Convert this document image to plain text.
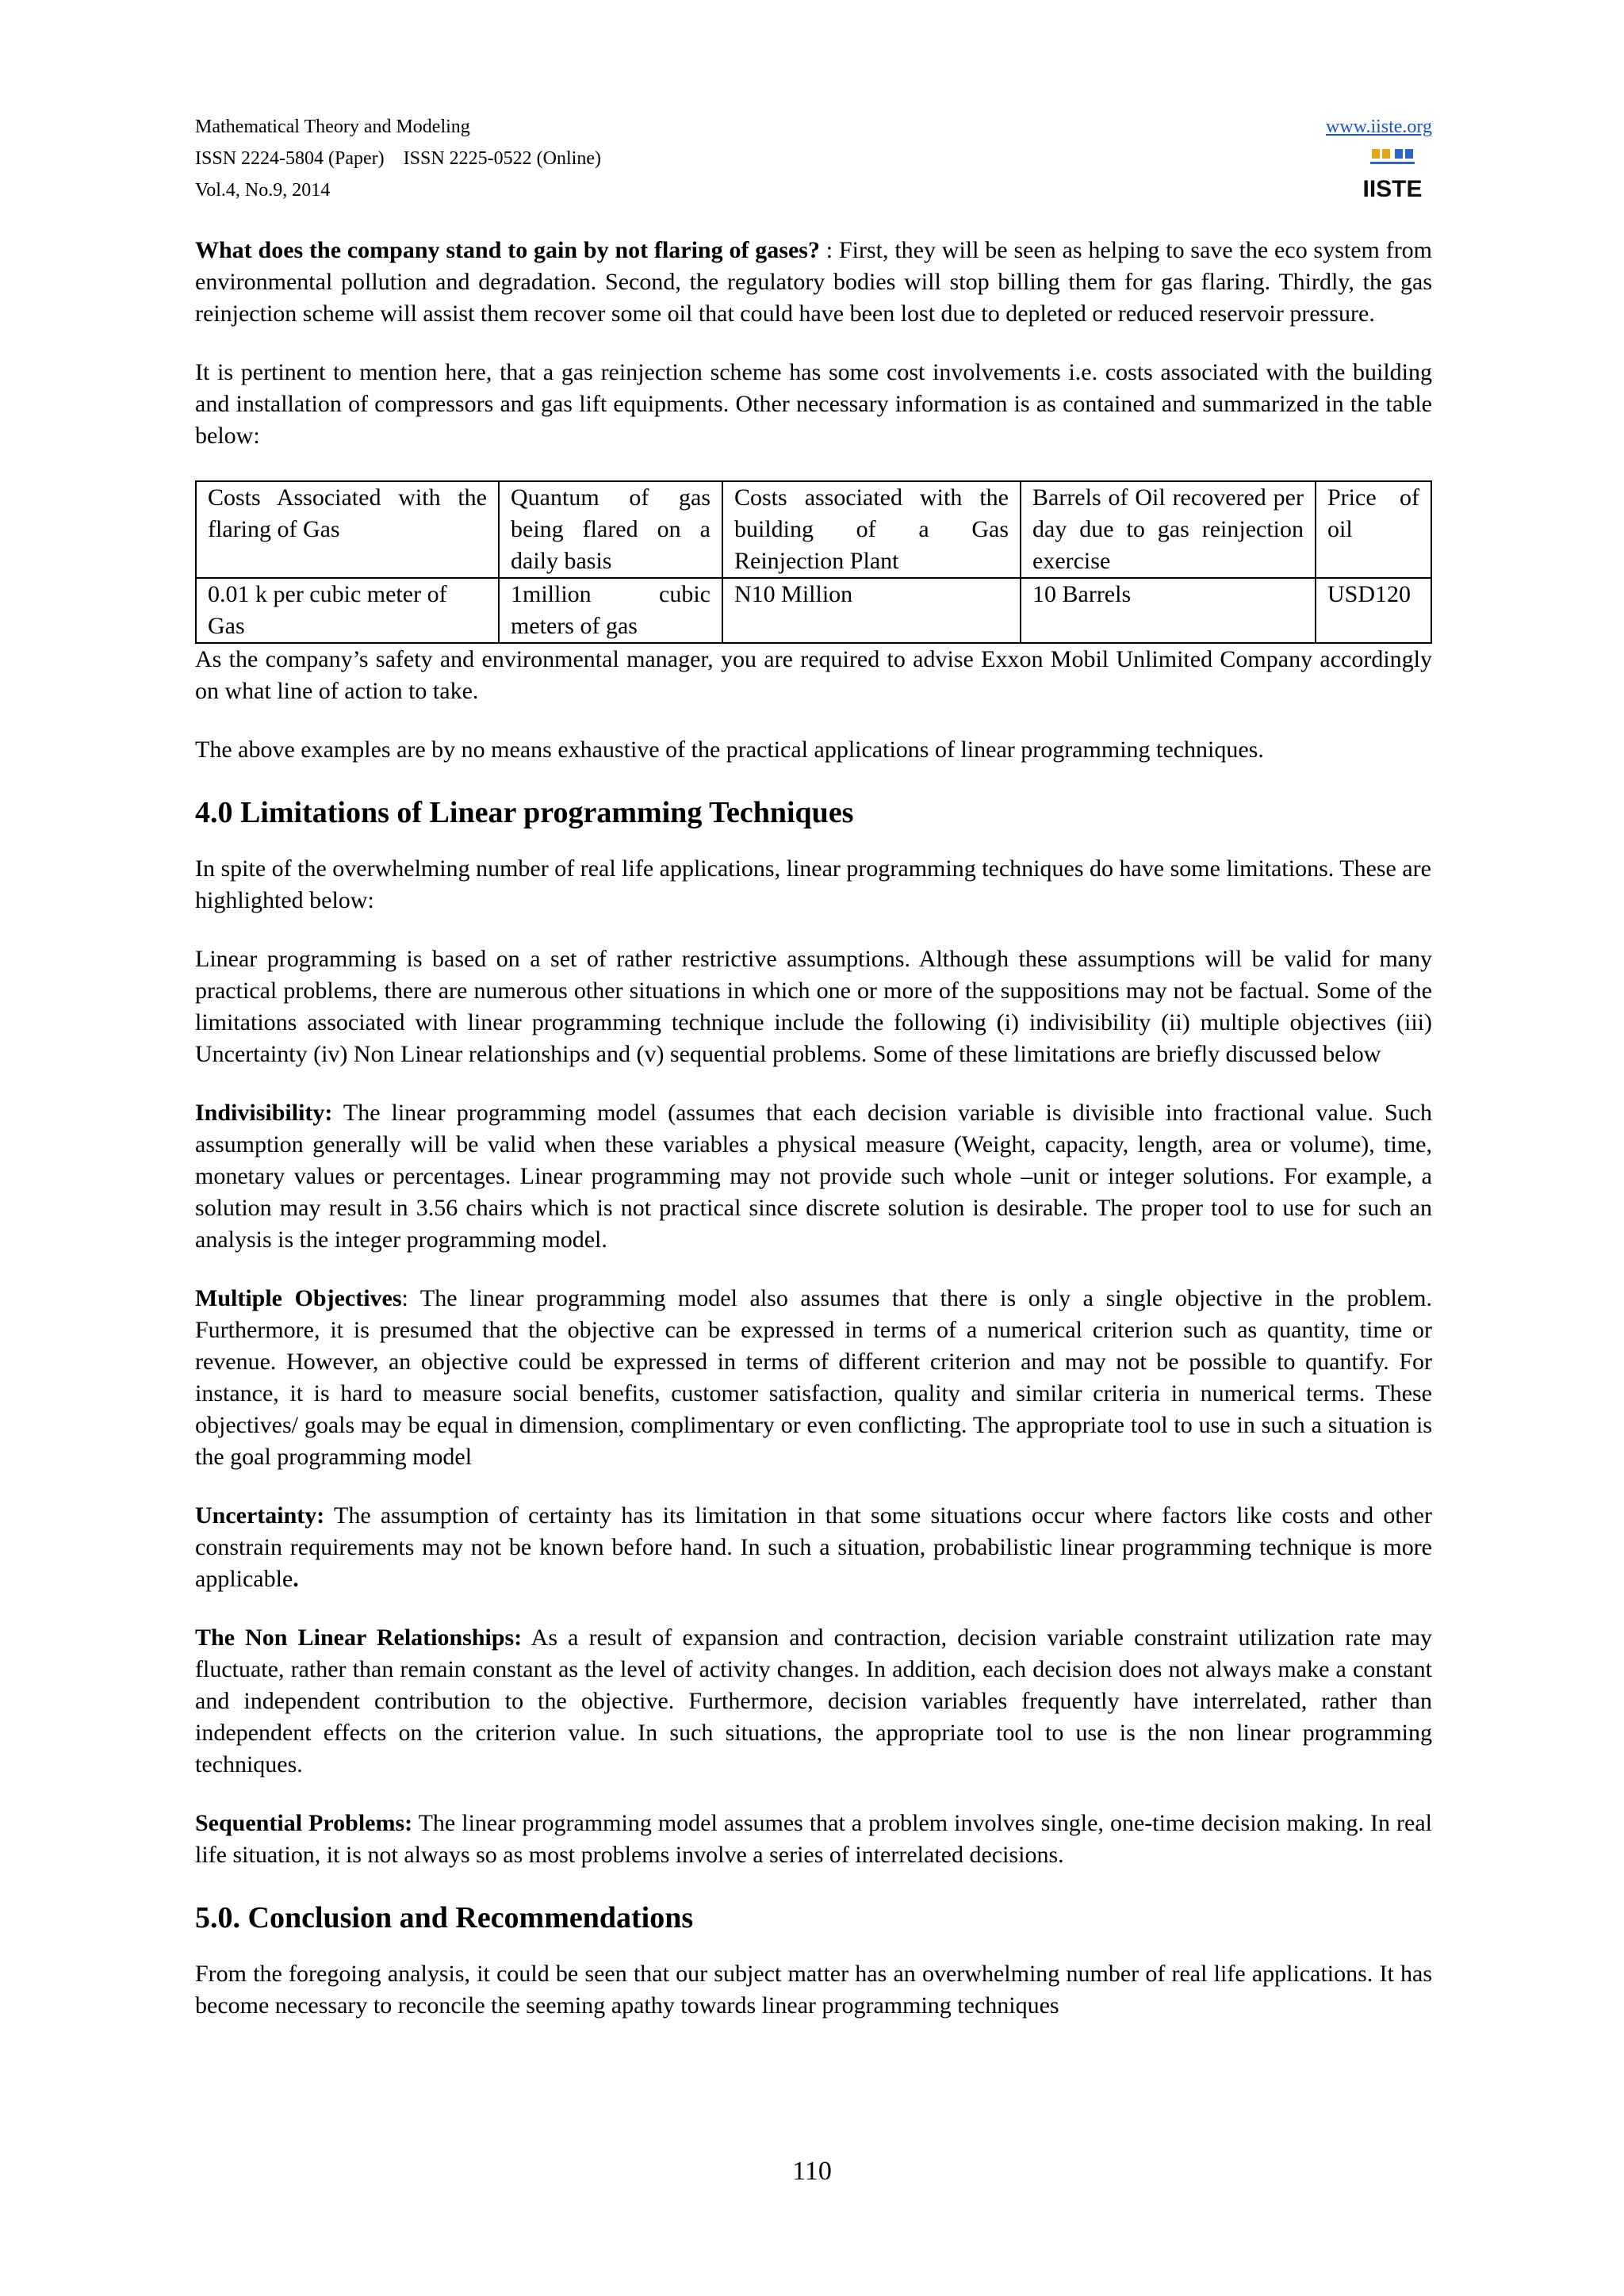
Mathematical Theory and Modeling
ISSN 2224-5804 (Paper)    ISSN 2225-0522 (Online)
Vol.4, No.9, 2014
www.iiste.org
IISTE

What does the company stand to gain by not flaring of gases? : First, they will be seen as helping to save the eco system from environmental pollution and degradation. Second, the regulatory bodies will stop billing them for gas flaring. Thirdly, the gas reinjection scheme will assist them recover some oil that could have been lost due to depleted or reduced reservoir pressure.

It is pertinent to mention here, that a gas reinjection scheme has some cost involvements i.e. costs associated with the building and installation of compressors and gas lift equipments. Other necessary information is as contained and summarized in the table below:

Costs Associated with the flaring of Gas	Quantum of gas being flared on a daily basis	Costs associated with the building of a Gas Reinjection Plant	Barrels of Oil recovered per day due to gas reinjection exercise	Price of oil
0.01 k per cubic meter of Gas	1million cubic meters of gas	N10 Million	10 Barrels	USD120

As the company’s safety and environmental manager, you are required to advise Exxon Mobil Unlimited Company accordingly on what line of action to take.

The above examples are by no means exhaustive of the practical applications of linear programming techniques.

4.0 Limitations of Linear programming Techniques

In spite of the overwhelming number of real life applications, linear programming techniques do have some limitations. These are highlighted below:

Linear programming is based on a set of rather restrictive assumptions. Although these assumptions will be valid for many practical problems, there are numerous other situations in which one or more of the suppositions may not be factual. Some of the limitations associated with linear programming technique include the following (i) indivisibility (ii) multiple objectives (iii) Uncertainty (iv) Non Linear relationships and (v) sequential problems. Some of these limitations are briefly discussed below

Indivisibility: The linear programming model (assumes that each decision variable is divisible into fractional value. Such assumption generally will be valid when these variables a physical measure (Weight, capacity, length, area or volume), time, monetary values or percentages. Linear programming may not provide such whole –unit or integer solutions. For example, a solution may result in 3.56 chairs which is not practical since discrete solution is desirable. The proper tool to use for such an analysis is the integer programming model.

Multiple Objectives: The linear programming model also assumes that there is only a single objective in the problem. Furthermore, it is presumed that the objective can be expressed in terms of a numerical criterion such as quantity, time or revenue. However, an objective could be expressed in terms of different criterion and may not be possible to quantify. For instance, it is hard to measure social benefits, customer satisfaction, quality and similar criteria in numerical terms. These objectives/ goals may be equal in dimension, complimentary or even conflicting. The appropriate tool to use in such a situation is the goal programming model

Uncertainty: The assumption of certainty has its limitation in that some situations occur where factors like costs and other constrain requirements may not be known before hand. In such a situation, probabilistic linear programming technique is more applicable.

The Non Linear Relationships: As a result of expansion and contraction, decision variable constraint utilization rate may fluctuate, rather than remain constant as the level of activity changes. In addition, each decision does not always make a constant and independent contribution to the objective. Furthermore, decision variables frequently have interrelated, rather than independent effects on the criterion value. In such situations, the appropriate tool to use is the non linear programming techniques.

Sequential Problems: The linear programming model assumes that a problem involves single, one-time decision making. In real life situation, it is not always so as most problems involve a series of interrelated decisions.

5.0. Conclusion and Recommendations

From the foregoing analysis, it could be seen that our subject matter has an overwhelming number of real life applications. It has become necessary to reconcile the seeming apathy towards linear programming techniques

110
